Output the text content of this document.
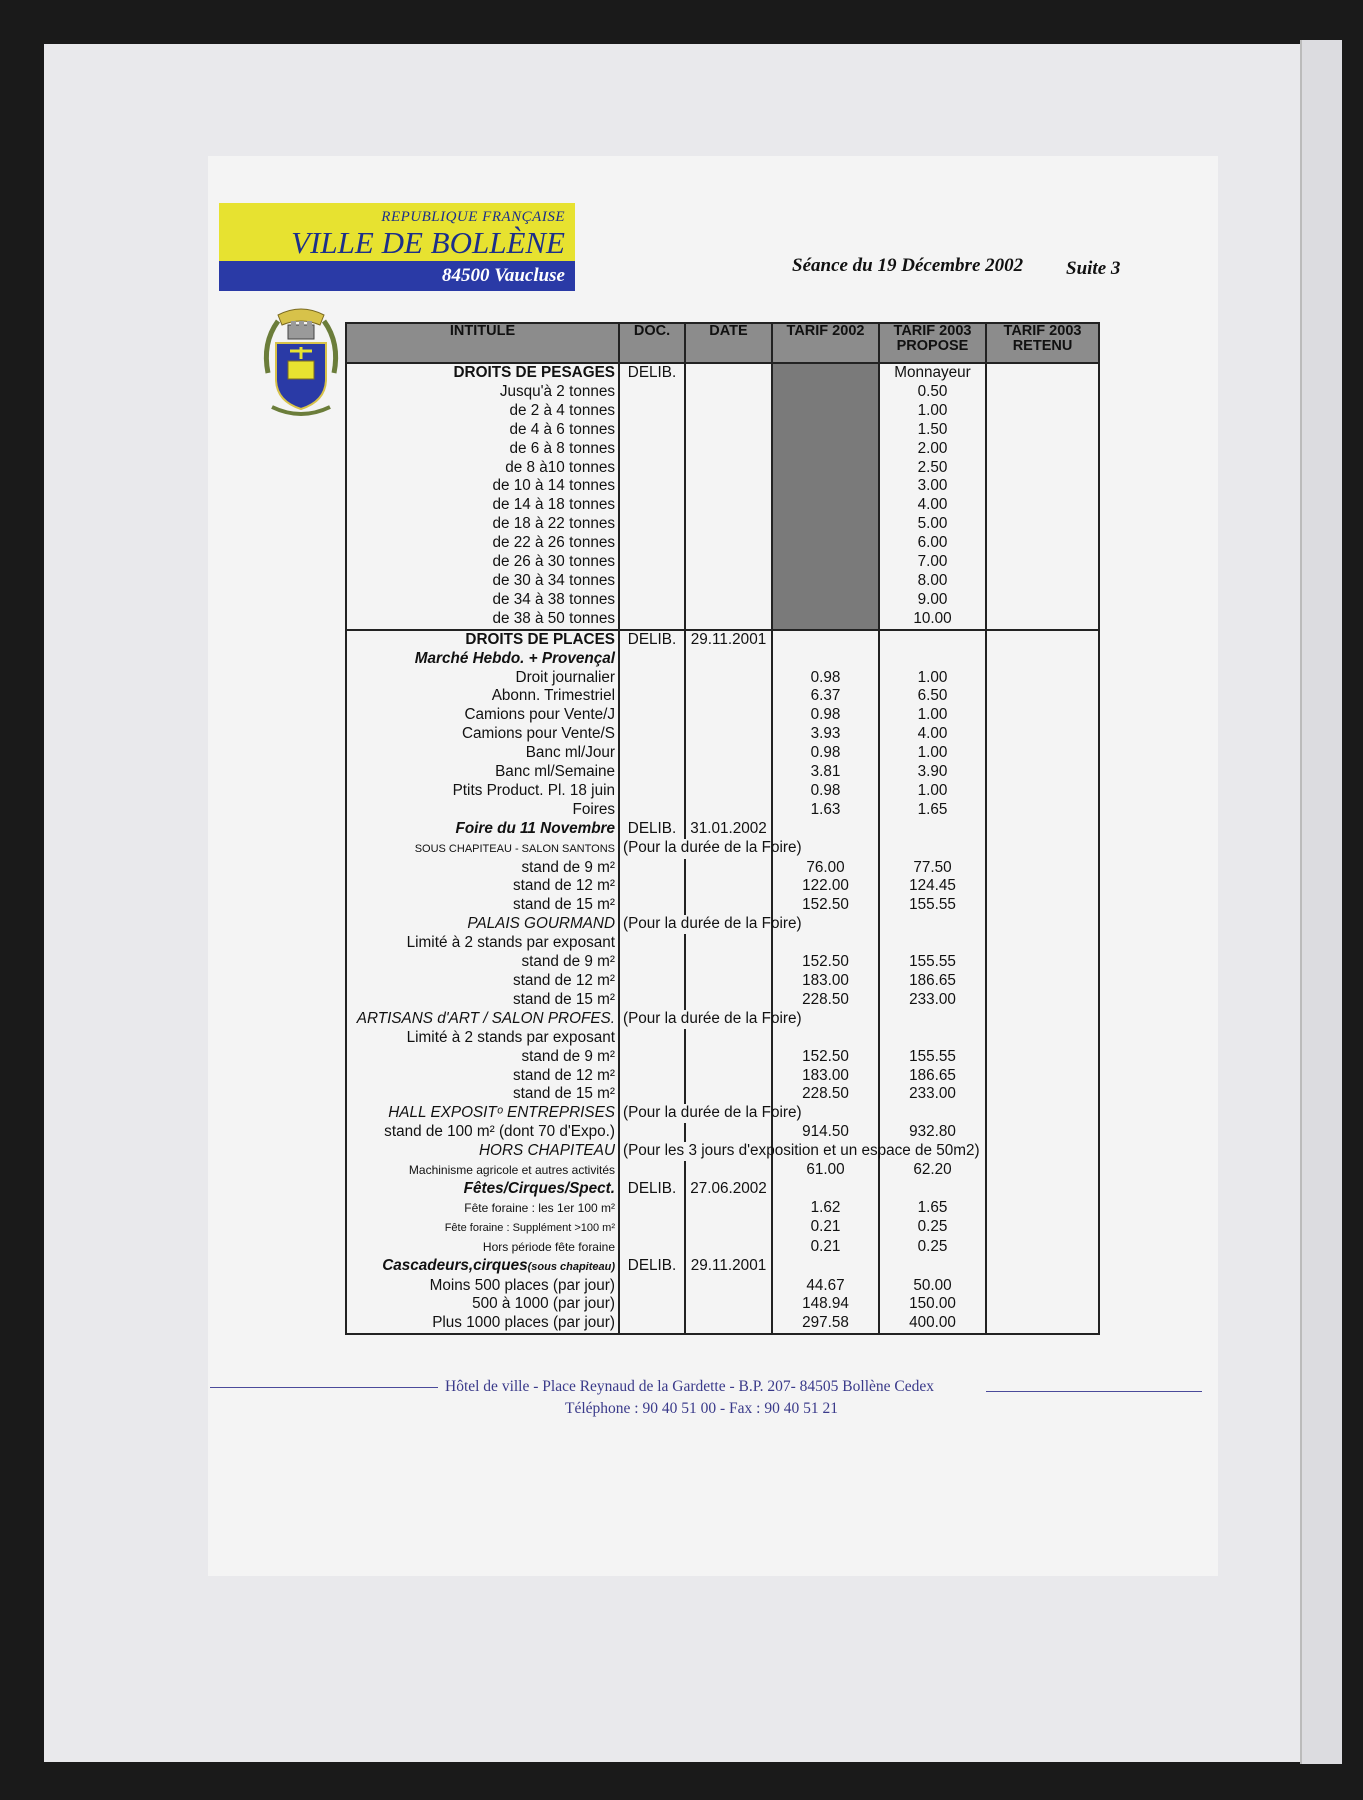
REPUBLIQUE FRANÇAISE
VILLE DE BOLLÈNE
84500 Vaucluse	Séance du 19 Décembre 2002 Suite 3
INTITULE	DOC.	DATE	TARIF 2002	TARIF 2003 PROPOSE	TARIF 2003 RETENU
DROITS DE PESAGES	DELIB.			Monnayeur	
Jusqu'à 2 tonnes				0.50	
de 2 à 4 tonnes				1.00	
de 4 à 6 tonnes				1.50	
de 6 à 8 tonnes				2.00	
de 8 à10 tonnes				2.50	
de 10 à 14 tonnes				3.00	
de 14 à 18 tonnes				4.00	
de 18 à 22 tonnes				5.00	
de 22 à 26 tonnes				6.00	
de 26 à 30 tonnes				7.00	
de 30 à 34 tonnes				8.00	
de 34 à 38 tonnes				9.00	
de 38 à 50 tonnes				10.00	
DROITS DE PLACES	DELIB.	29.11.2001			
Marché Hebdo. + Provençal					
Droit journalier			0.98	1.00	
Abonn. Trimestriel			6.37	6.50	
Camions pour Vente/J			0.98	1.00	
Camions pour Vente/S			3.93	4.00	
Banc ml/Jour			0.98	1.00	
Banc ml/Semaine			3.81	3.90	
Ptits Product. Pl. 18 juin			0.98	1.00	
Foires			1.63	1.65	
Foire du 11 Novembre	DELIB.	31.01.2002			
SOUS CHAPITEAU - SALON SANTONS	(Pour la durée de la Foire)				
stand de 9 m²			76.00	77.50	
stand de 12 m²			122.00	124.45	
stand de 15 m²			152.50	155.55	
PALAIS GOURMAND	(Pour la durée de la Foire)				
Limité à 2 stands par exposant					
stand de 9 m²			152.50	155.55	
stand de 12 m²			183.00	186.65	
stand de 15 m²			228.50	233.00	
ARTISANS d'ART / SALON PROFES.	(Pour la durée de la Foire)				
Limité à 2 stands par exposant					
stand de 9 m²			152.50	155.55	
stand de 12 m²			183.00	186.65	
stand de 15 m²			228.50	233.00	
HALL EXPOSITᵒ ENTREPRISES	(Pour la durée de la Foire)				
stand de 100 m² (dont 70 d'Expo.)			914.50	932.80	
HORS CHAPITEAU	(Pour les 3 jours d'exposition et un espace de 50m2)				
Machinisme agricole et autres activités			61.00	62.20	
Fêtes/Cirques/Spect.	DELIB.	27.06.2002			
Fête foraine : les 1er 100 m²			1.62	1.65	
Fête foraine : Supplément >100 m²			0.21	0.25	
Hors période fête foraine			0.21	0.25	
Cascadeurs,cirques(sous chapiteau)	DELIB.	29.11.2001			
Moins 500 places (par jour)			44.67	50.00	
500 à 1000 (par jour)			148.94	150.00	
Plus 1000 places (par jour)			297.58	400.00	
Hôtel de ville - Place Reynaud de la Gardette - B.P. 207- 84505 Bollène Cedex
Téléphone : 90 40 51 00 - Fax : 90 40 51 21
